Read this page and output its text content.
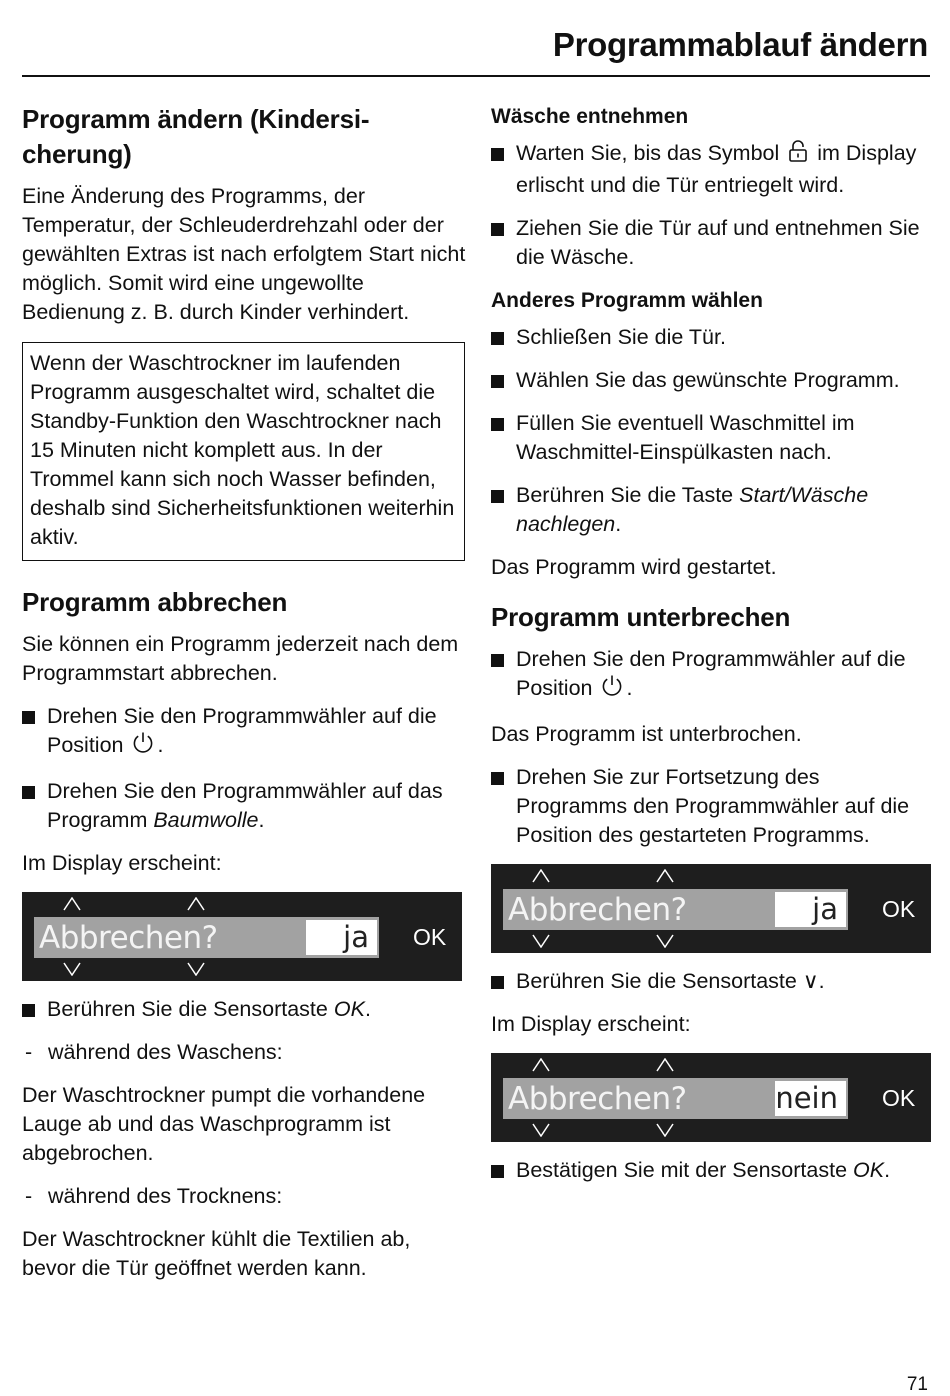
Programmablauf ändern
Programm ändern (Kindersi-
cherung)

Eine Änderung des Programms, der Temperatur, der Schleuderdrehzahl oder der gewählten Extras ist nach erfolgtem Start nicht möglich. Somit wird eine ungewollte Bedienung z. B. durch Kinder verhindert.

Wenn der Waschtrockner im laufenden Programm ausgeschaltet wird, schaltet die Standby-Funktion den Waschtrockner nach 15 Minuten nicht komplett aus. In der Trommel kann sich noch Wasser befinden, deshalb sind Sicherheitsfunktionen weiterhin aktiv.
Programm abbrechen

Sie können ein Programm jederzeit nach dem Programmstart abbrechen.

Drehen Sie den Programmwähler auf die Position .
Drehen Sie den Programmwähler auf das Programm Baumwolle.

Im Display erscheint:

Abbrechen?	ja	OK
Berühren Sie die Sensortaste OK.
- während des Waschens:

Der Waschtrockner pumpt die vorhandene Lauge ab und das Waschprogramm ist abgebrochen.

- während des Trocknens:

Der Waschtrockner kühlt die Textilien ab, bevor die Tür geöffnet werden kann.

Wäsche entnehmen
Warten Sie, bis das Symbol im Display erlischt und die Tür entriegelt wird.
Ziehen Sie die Tür auf und entnehmen Sie die Wäsche.
Anderes Programm wählen
Schließen Sie die Tür.
Wählen Sie das gewünschte Programm.
Füllen Sie eventuell Waschmittel im Waschmittel-Einspülkasten nach.
Berühren Sie die Taste Start/Wäsche nachlegen.

Das Programm wird gestartet.

Programm unterbrechen
Drehen Sie den Programmwähler auf die Position .

Das Programm ist unterbrochen.

Drehen Sie zur Fortsetzung des Programms den Programmwähler auf die Position des gestarteten Programms.
Abbrechen?	ja	OK
Berühren Sie die Sensortaste ∨.

Im Display erscheint:

Abbrechen?	nein	OK
Bestätigen Sie mit der Sensortaste OK.

71
